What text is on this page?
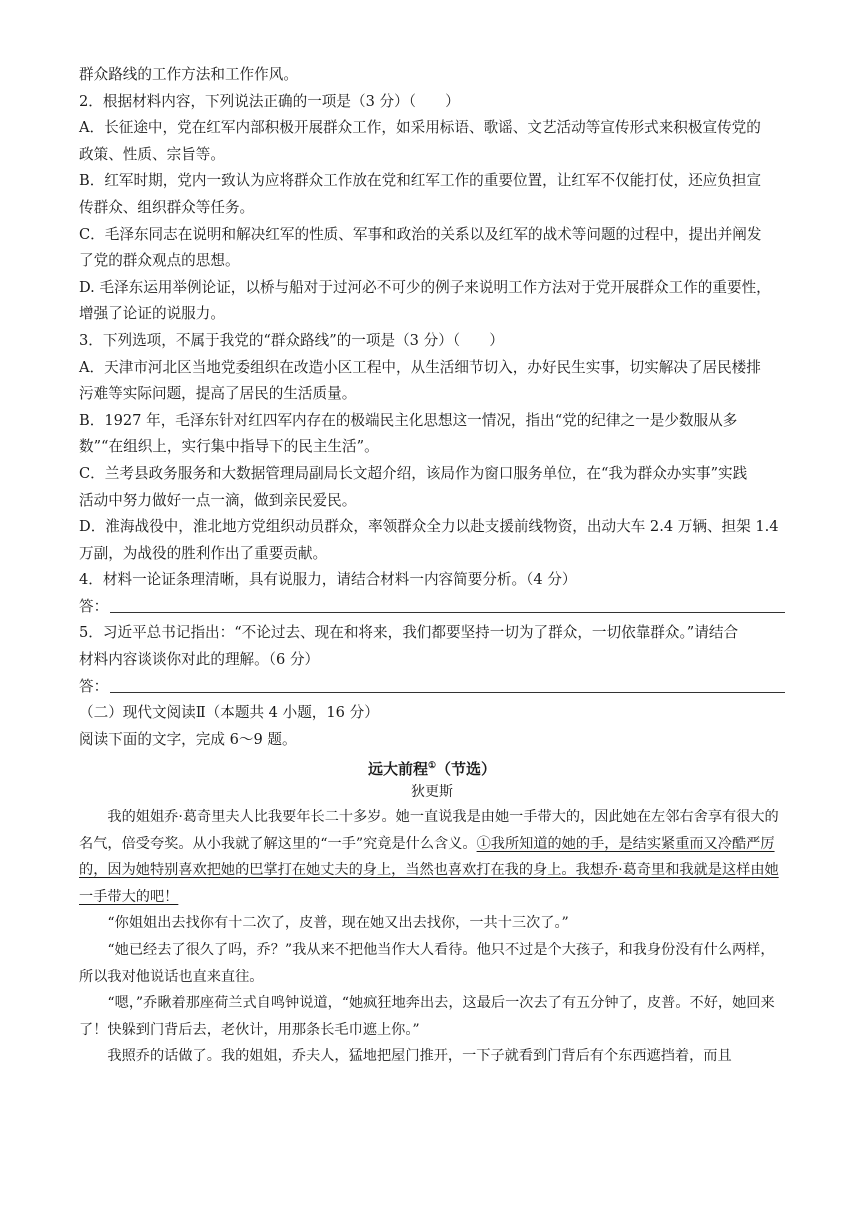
群众路线的工作方法和工作作风。
2．根据材料内容，下列说法正确的一项是（3 分）（　　）
A．长征途中，党在红军内部积极开展群众工作，如采用标语、歌谣、文艺活动等宣传形式来积极宣传党的
政策、性质、宗旨等。
B．红军时期，党内一致认为应将群众工作放在党和红军工作的重要位置，让红军不仅能打仗，还应负担宣
传群众、组织群众等任务。
C．毛泽东同志在说明和解决红军的性质、军事和政治的关系以及红军的战术等问题的过程中，提出并阐发
了党的群众观点的思想。
D. 毛泽东运用举例论证，以桥与船对于过河必不可少的例子来说明工作方法对于党开展群众工作的重要性，
增强了论证的说服力。
3．下列选项，不属于我党的“群众路线”的一项是（3 分）（　　）
A．天津市河北区当地党委组织在改造小区工程中，从生活细节切入，办好民生实事，切实解决了居民楼排
污难等实际问题，提高了居民的生活质量。
B．1927 年，毛泽东针对红四军内存在的极端民主化思想这一情况，指出“党的纪律之一是少数服从多
数”“在组织上，实行集中指导下的民主生活”。
C．兰考县政务服务和大数据管理局副局长文超介绍，该局作为窗口服务单位，在“我为群众办实事”实践
活动中努力做好一点一滴，做到亲民爱民。
D．淮海战役中，淮北地方党组织动员群众，率领群众全力以赴支援前线物资，出动大车 2.4 万辆、担架 1.4
万副，为战役的胜利作出了重要贡献。
4．材料一论证条理清晰，具有说服力，请结合材料一内容简要分析。（4 分）
答：
5．习近平总书记指出：“不论过去、现在和将来，我们都要坚持一切为了群众，一切依靠群众。”请结合
材料内容谈谈你对此的理解。（6 分）
答：
（二）现代文阅读Ⅱ（本题共 4 小题，16 分）
阅读下面的文字，完成 6～9 题。
远大前程①（节选）
狄更斯
我的姐姐乔·葛奇里夫人比我要年长二十多岁。她一直说我是由她一手带大的，因此她在左邻右舍享有很大的名气，倍受夸奖。从小我就了解这里的“一手”究竟是什么含义。①我所知道的她的手，是结实紧重而又冷酷严厉的，因为她特别喜欢把她的巴掌打在她丈夫的身上，当然也喜欢打在我的身上。我想乔·葛奇里和我就是这样由她一手带大的吧！
“你姐姐出去找你有十二次了，皮普，现在她又出去找你，一共十三次了。”
“她已经去了很久了吗，乔？”我从来不把他当作大人看待。他只不过是个大孩子，和我身份没有什么两样，所以我对他说话也直来直往。
“嗯，”乔瞅着那座荷兰式自鸣钟说道，“她疯狂地奔出去，这最后一次去了有五分钟了，皮普。不好，她回来了！快躲到门背后去，老伙计，用那条长毛巾遮上你。”
我照乔的话做了。我的姐姐，乔夫人，猛地把屋门推开，一下子就看到门背后有个东西遮挡着，而且
